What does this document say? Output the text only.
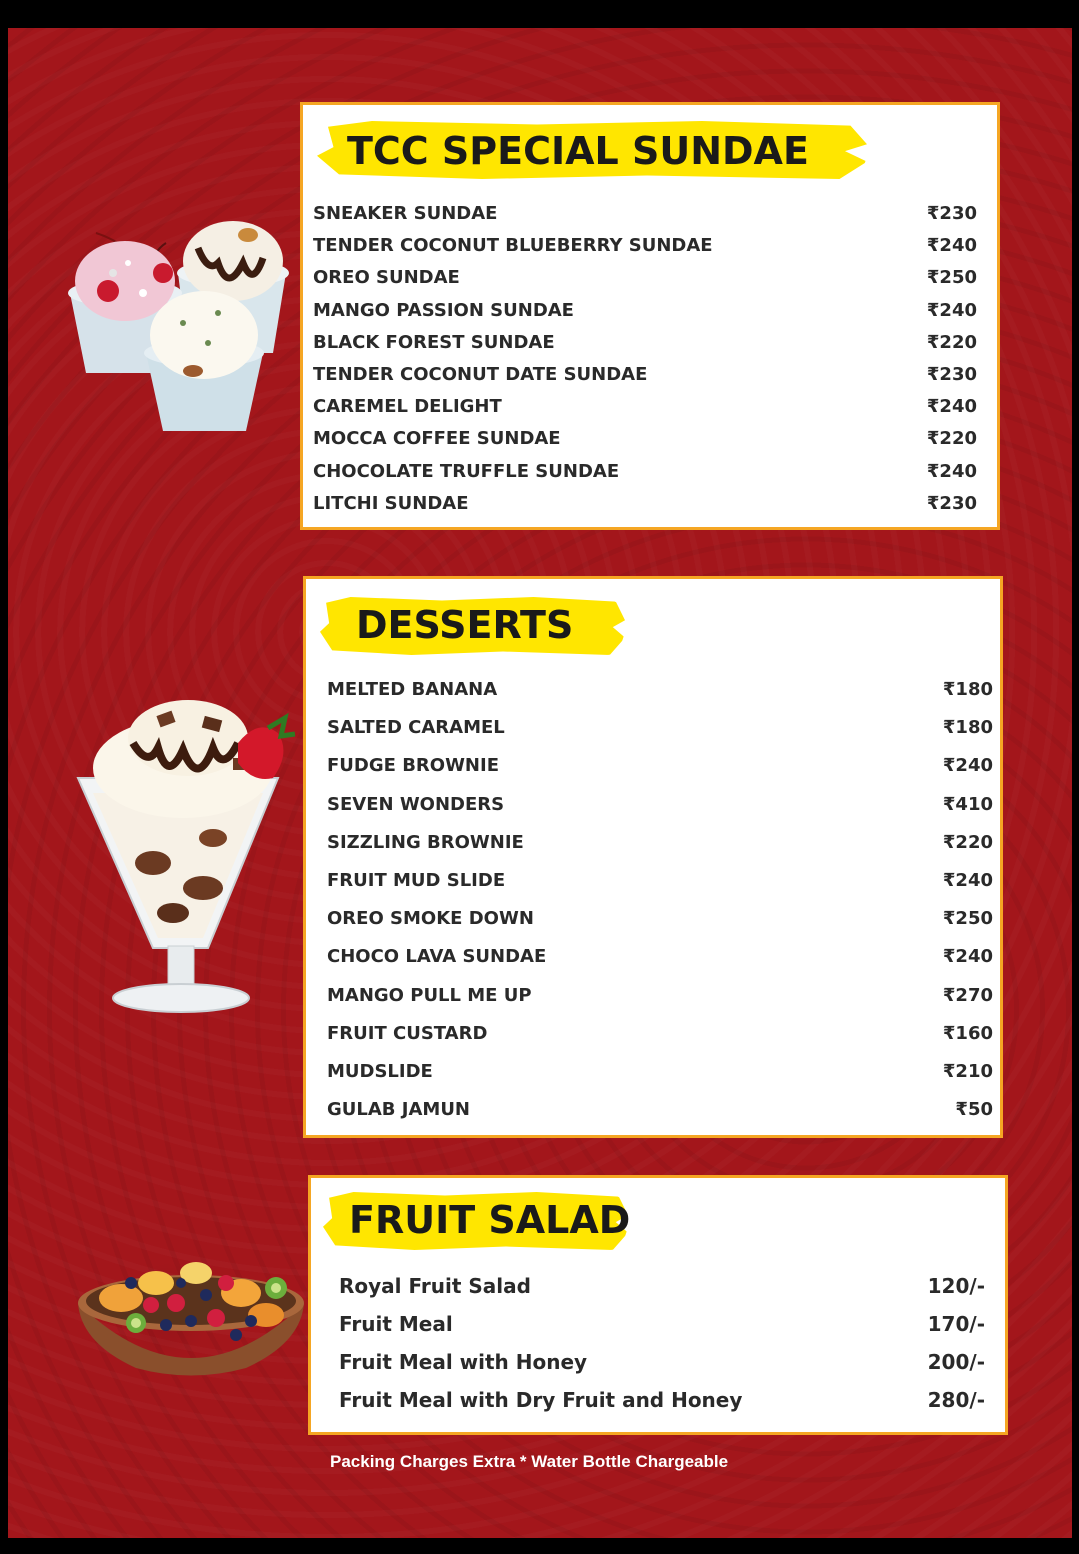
TCC SPECIAL SUNDAE
SNEAKER SUNDAE	₹230
TENDER COCONUT BLUEBERRY SUNDAE	₹240
OREO SUNDAE	₹250
MANGO PASSION SUNDAE	₹240
BLACK FOREST SUNDAE	₹220
TENDER COCONUT DATE SUNDAE	₹230
CAREMEL DELIGHT	₹240
MOCCA COFFEE SUNDAE	₹220
CHOCOLATE TRUFFLE SUNDAE	₹240
LITCHI SUNDAE	₹230
DESSERTS
MELTED BANANA	₹180
SALTED CARAMEL	₹180
FUDGE BROWNIE	₹240
SEVEN WONDERS	₹410
SIZZLING BROWNIE	₹220
FRUIT MUD SLIDE	₹240
OREO SMOKE DOWN	₹250
CHOCO LAVA SUNDAE	₹240
MANGO PULL ME UP	₹270
FRUIT CUSTARD	₹160
MUDSLIDE	₹210
GULAB JAMUN	₹50
FRUIT SALAD
Royal Fruit Salad	120/-
Fruit Meal	170/-
Fruit Meal with Honey	200/-
Fruit Meal with Dry Fruit and Honey	280/-
Packing Charges Extra * Water Bottle Chargeable
